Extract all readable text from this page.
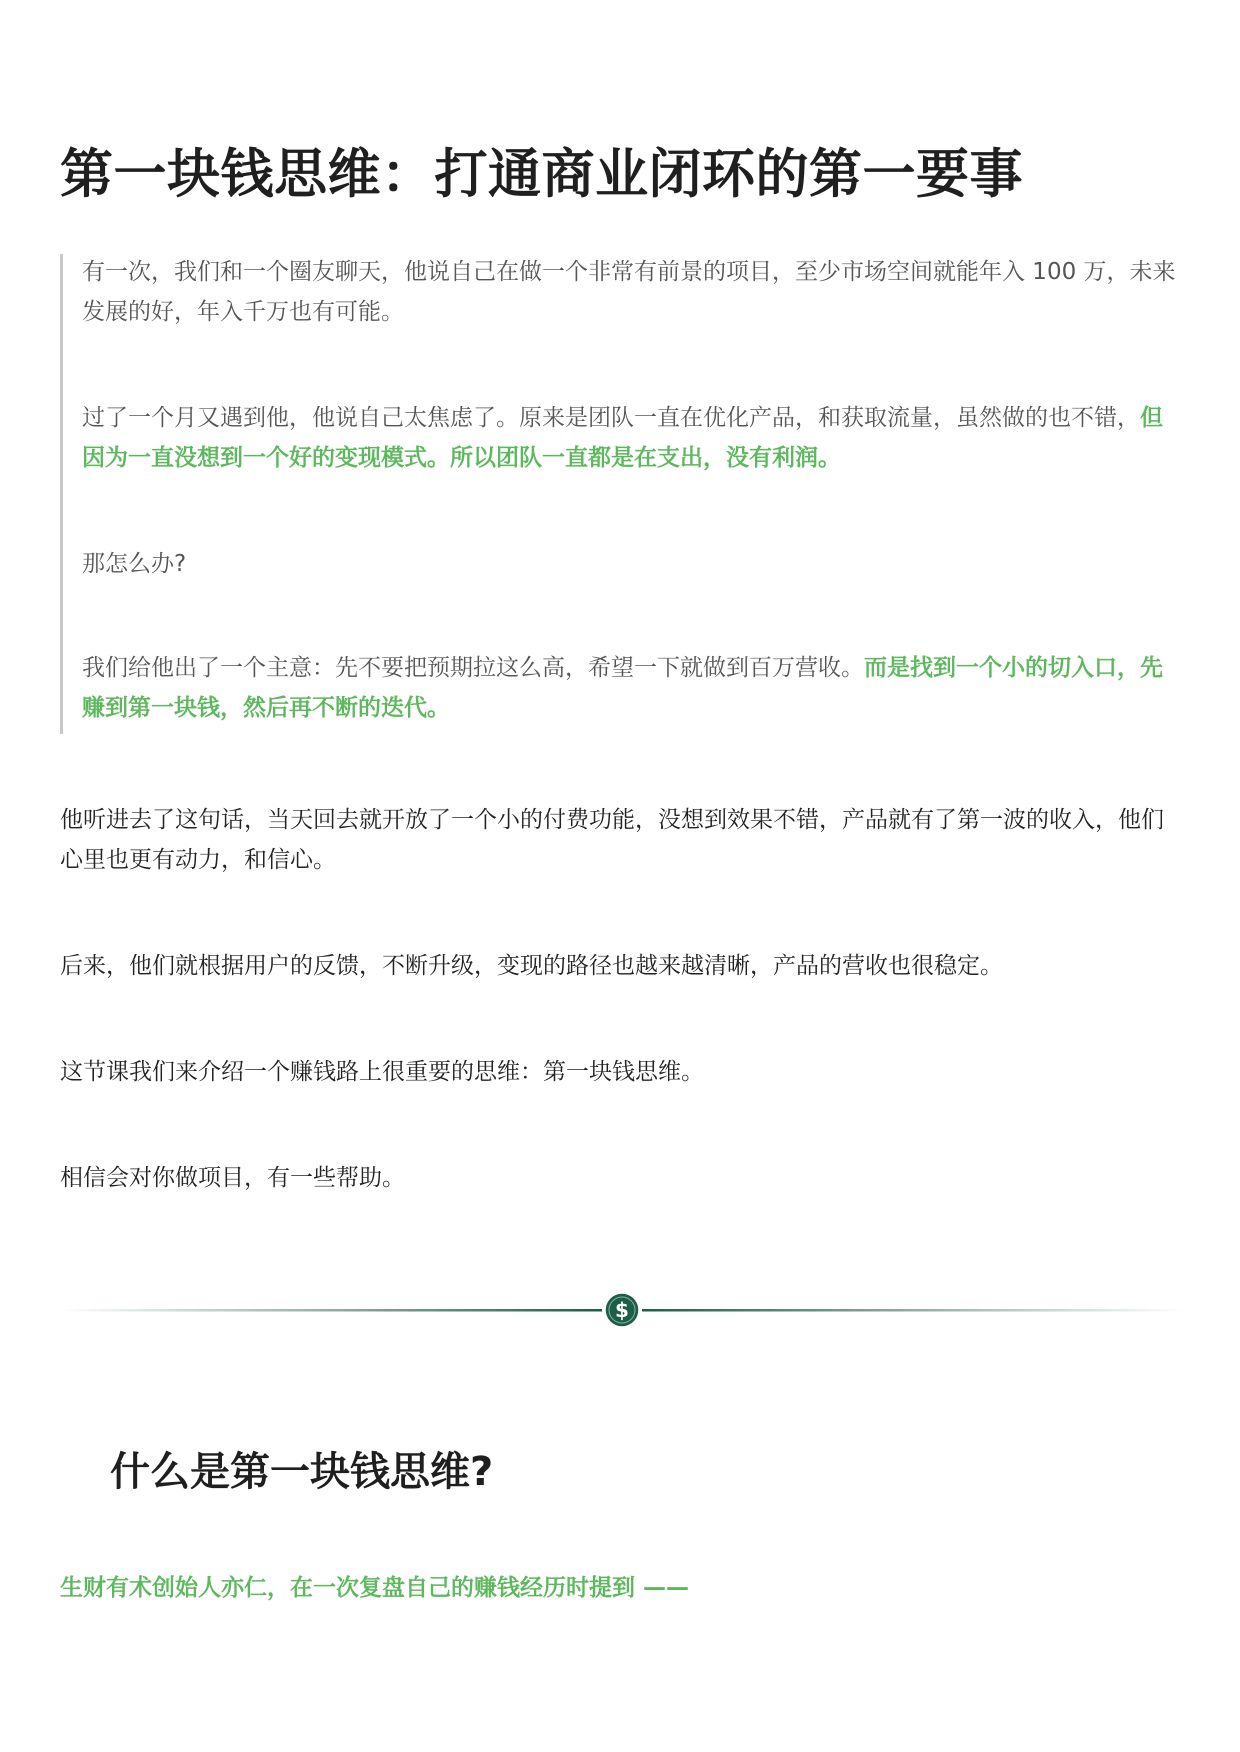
第一块钱思维：打通商业闭环的第一要事

有一次，我们和一个圈友聊天，他说自己在做一个非常有前景的项目，至少市场空间就能年入 100 万，未来发展的好，年入千万也有可能。

过了一个月又遇到他，他说自己太焦虑了。原来是团队一直在优化产品，和获取流量，虽然做的也不错，但因为一直没想到一个好的变现模式。所以团队一直都是在支出，没有利润。

那怎么办?

我们给他出了一个主意：先不要把预期拉这么高，希望一下就做到百万营收。而是找到一个小的切入口，先赚到第一块钱，然后再不断的迭代。

他听进去了这句话，当天回去就开放了一个小的付费功能，没想到效果不错，产品就有了第一波的收入，他们心里也更有动力，和信心。

后来，他们就根据用户的反馈，不断升级，变现的路径也越来越清晰，产品的营收也很稳定。

这节课我们来介绍一个赚钱路上很重要的思维：第一块钱思维。

相信会对你做项目，有一些帮助。

$
什么是第一块钱思维?

生财有术创始人亦仁，在一次复盘自己的赚钱经历时提到 ——
